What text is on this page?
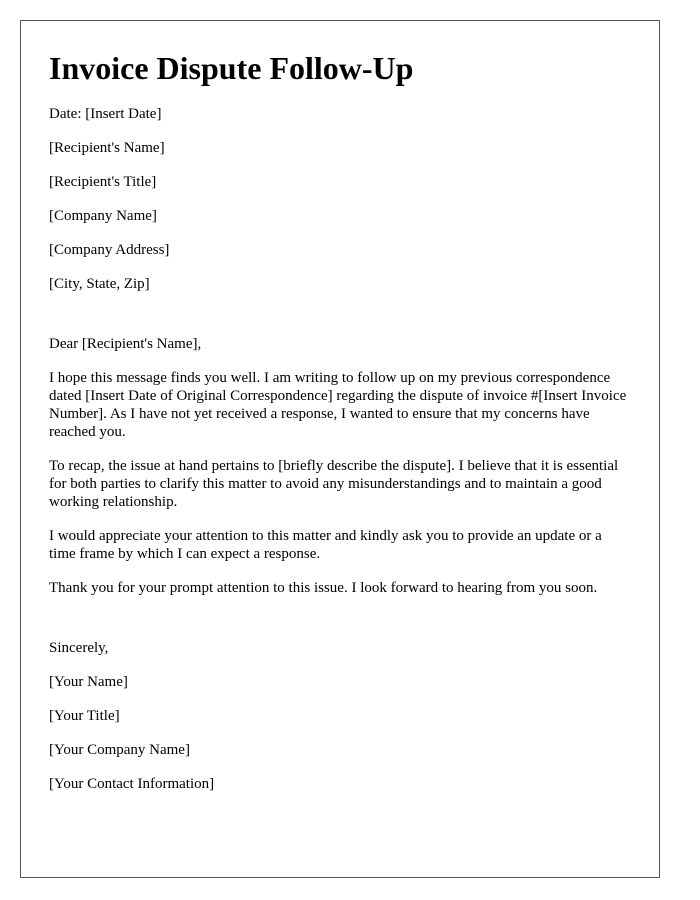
Invoice Dispute Follow-Up

Date: [Insert Date]

[Recipient's Name]

[Recipient's Title]

[Company Name]

[Company Address]

[City, State, Zip]

Dear [Recipient's Name],

I hope this message finds you well. I am writing to follow up on my previous correspondence dated [Insert Date of Original Correspondence] regarding the dispute of invoice #[Insert Invoice Number]. As I have not yet received a response, I wanted to ensure that my concerns have reached you.

To recap, the issue at hand pertains to [briefly describe the dispute]. I believe that it is essential for both parties to clarify this matter to avoid any misunderstandings and to maintain a good working relationship.

I would appreciate your attention to this matter and kindly ask you to provide an update or a time frame by which I can expect a response.

Thank you for your prompt attention to this issue. I look forward to hearing from you soon.

Sincerely,

[Your Name]

[Your Title]

[Your Company Name]

[Your Contact Information]
